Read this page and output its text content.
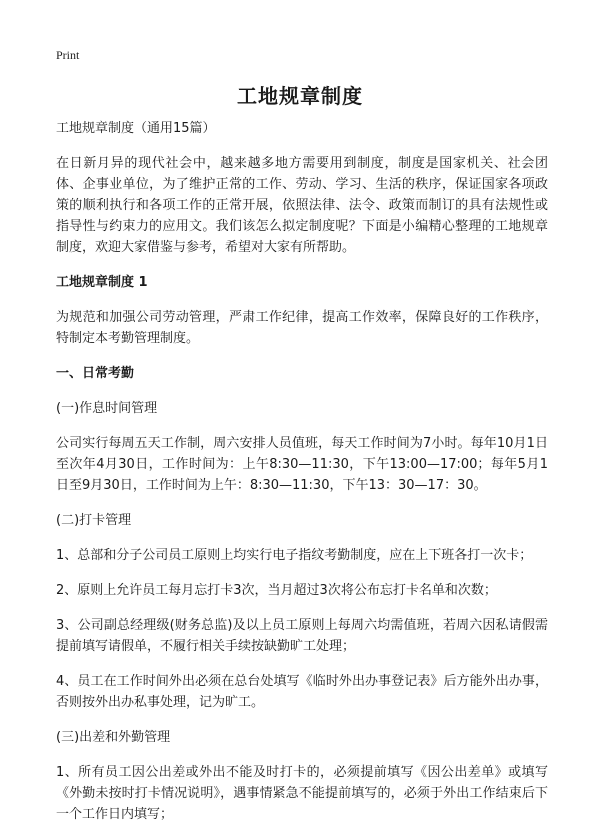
Print
工地规章制度

工地规章制度（通用15篇）

在日新月异的现代社会中，越来越多地方需要用到制度，制度是国家机关、社会团体、企事业单位，为了维护正常的工作、劳动、学习、生活的秩序，保证国家各项政策的顺利执行和各项工作的正常开展，依照法律、法令、政策而制订的具有法规性或指导性与约束力的应用文。我们该怎么拟定制度呢？下面是小编精心整理的工地规章制度，欢迎大家借鉴与参考，希望对大家有所帮助。

工地规章制度 1

为规范和加强公司劳动管理，严肃工作纪律，提高工作效率，保障良好的工作秩序，特制定本考勤管理制度。

一、日常考勤

(一)作息时间管理

公司实行每周五天工作制，周六安排人员值班，每天工作时间为7小时。每年10月1日至次年4月30日，工作时间为：上午8:30—11:30，下午13:00—17:00；每年5月1日至9月30日，工作时间为上午：8:30—11:30，下午13：30—17：30。

(二)打卡管理

1、总部和分子公司员工原则上均实行电子指纹考勤制度，应在上下班各打一次卡；

2、原则上允许员工每月忘打卡3次，当月超过3次将公布忘打卡名单和次数；

3、公司副总经理级(财务总监)及以上员工原则上每周六均需值班，若周六因私请假需提前填写请假单，不履行相关手续按缺勤旷工处理；

4、员工在工作时间外出必须在总台处填写《临时外出办事登记表》后方能外出办事，否则按外出办私事处理，记为旷工。

(三)出差和外勤管理

1、所有员工因公出差或外出不能及时打卡的，必须提前填写《因公出差单》或填写《外勤未按时打卡情况说明》，遇事情紧急不能提前填写的，必须于外出工作结束后下一个工作日内填写；
